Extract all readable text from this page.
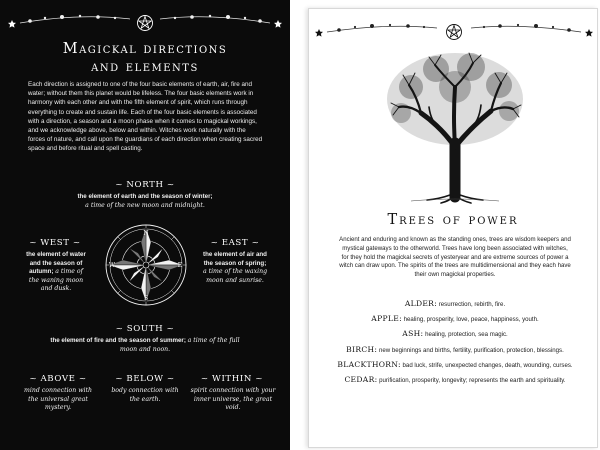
Magickal directions
and elements
Each direction is assigned to one of the four basic elements of earth, air, fire and water; without them this planet would be lifeless. The four basic elements work in harmony with each other and with the fifth element of spirit, which runs through everything to create and sustain life. Each of the four basic elements is associated with a direction, a season and a moon phase when it comes to magickal workings, and we acknowledge above, below and within. Witches work naturally with the forces of nature, and call upon the guardians of each direction when creating sacred space and before ritual and spell casting.
~ NORTH ~
the element of earth and the season of winter;
a time of the new moon and midnight.
~ WEST ~
the element of water and the season of autumn; a time of the waning moon and dusk.
~ EAST ~
the element of air and the season of spring; a time of the waxing moon and sunrise.
N
S
E
W
~ SOUTH ~
the element of fire and the season of summer; a time of the full moon and noon.
~ ABOVE ~
mind connection with the universal great mystery.
~ BELOW ~
body connection with the earth.
~ WITHIN ~
spirit connection with your inner universe, the great void.
Trees of power
Ancient and enduring and known as the standing ones, trees are wisdom keepers and mystical gateways to the otherworld. Trees have long been associated with witches, for they hold the magickal secrets of yesteryear and are extreme sources of power a witch can draw upon. The spirits of the trees are multidimensional and they each have their own magickal properties.
ALDER: resurrection, rebirth, fire.
APPLE: healing, prosperity, love, peace, happiness, youth.
ASH: healing, protection, sea magic.
BIRCH: new beginnings and births, fertility, purification, protection, blessings.
BLACKTHORN: bad luck, strife, unexpected changes, death, wounding, curses.
CEDAR: purification, prosperity, longevity; represents the earth and spirituality.
